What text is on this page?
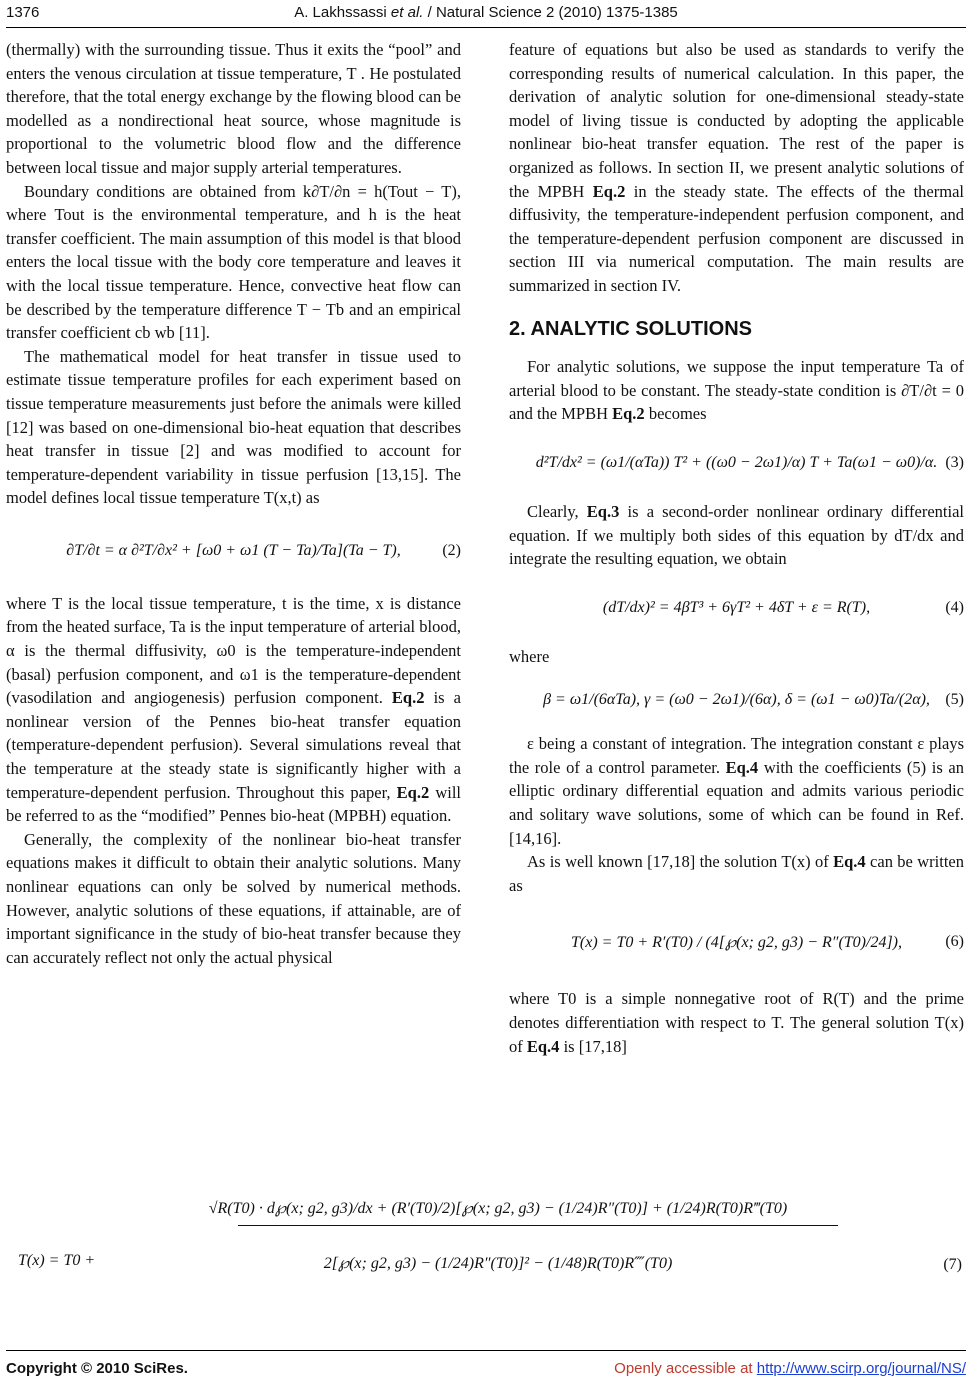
1376	A. Lakhssassi et al. / Natural Science 2 (2010) 1375-1385

(thermally) with the surrounding tissue. Thus it exits the “pool” and enters the venous circulation at tissue temperature, T . He postulated therefore, that the total energy exchange by the flowing blood can be modelled as a nondirectional heat source, whose magnitude is proportional to the volumetric blood flow and the difference between local tissue and major supply arterial temperatures.

Boundary conditions are obtained from k∂T/∂n = h(Tout − T), where Tout is the environmental temperature, and h is the heat transfer coefficient. The main assumption of this model is that blood enters the local tissue with the body core temperature and leaves it with the local tissue temperature. Hence, convective heat flow can be described by the temperature difference T − Tb and an empirical transfer coefficient cb wb [11].

The mathematical model for heat transfer in tissue used to estimate tissue temperature profiles for each experiment based on tissue temperature measurements just before the animals were killed [12] was based on one-dimensional bio-heat equation that describes heat transfer in tissue [2] and was modified to account for temperature-dependent variability in tissue perfusion [13,15]. The model defines local tissue temperature T(x,t) as

∂T/∂t = α ∂²T/∂x² + [ω0 + ω1 (T − Ta)/Ta](Ta − T),	(2)

where T is the local tissue temperature, t is the time, x is distance from the heated surface, Ta is the input temperature of arterial blood, α is the thermal diffusivity, ω0 is the temperature-independent (basal) perfusion component, and ω1 is the temperature-dependent (vasodilation and angiogenesis) perfusion component. Eq.2 is a nonlinear version of the Pennes bio-heat transfer equation (temperature-dependent perfusion). Several simulations reveal that the temperature at the steady state is significantly higher with a temperature-dependent perfusion. Throughout this paper, Eq.2 will be referred to as the “modified” Pennes bio-heat (MPBH) equation.

Generally, the complexity of the nonlinear bio-heat transfer equations makes it difficult to obtain their analytic solutions. Many nonlinear equations can only be solved by numerical methods. However, analytic solutions of these equations, if attainable, are of important significance in the study of bio-heat transfer because they can accurately reflect not only the actual physical

feature of equations but also be used as standards to verify the corresponding results of numerical calculation. In this paper, the derivation of analytic solution for one-dimensional steady-state model of living tissue is conducted by adopting the applicable nonlinear bio-heat transfer equation. The rest of the paper is organized as follows. In section II, we present analytic solutions of the MPBH Eq.2 in the steady state. The effects of the thermal diffusivity, the temperature-independent perfusion component, and the temperature-dependent perfusion component are discussed in section III via numerical computation. The main results are summarized in section IV.

2. ANALYTIC SOLUTIONS

For analytic solutions, we suppose the input temperature Ta of arterial blood to be constant. The steady-state condition is ∂T/∂t = 0 and the MPBH Eq.2 becomes

d²T/dx² = (ω1/(αTa)) T² + ((ω0 − 2ω1)/α) T + Ta(ω1 − ω0)/α. (3)

Clearly, Eq.3 is a second-order nonlinear ordinary differential equation. If we multiply both sides of this equation by dT/dx and integrate the resulting equation, we obtain

(dT/dx)² = 4βT³ + 6γT² + 4δT + ε = R(T),	(4)

where

β = ω1/(6αTa), γ = (ω0 − 2ω1)/(6α), δ = (ω1 − ω0)Ta/(2α), (5)

ε being a constant of integration. The integration constant ε plays the role of a control parameter. Eq.4 with the coefficients (5) is an elliptic ordinary differential equation and admits various periodic and solitary wave solutions, some of which can be found in Ref. [14,16].

As is well known [17,18] the solution T(x) of Eq.4 can be written as

T(x) = T0 + R′(T0) / (4[℘(x; g2, g3) − R″(T0)/24]),	(6)

where T0 is a simple nonnegative root of R(T) and the prime denotes differentiation with respect to T. The general solution T(x) of Eq.4 is [17,18]

√R(T0) · d℘(x; g2, g3)/dx + (R′(T0)/2)[℘(x; g2, g3) − (1/24)R″(T0)] + (1/24)R(T0)R‴(T0)
T(x) = T0 +	2[℘(x; g2, g3) − (1/24)R″(T0)]² − (1/48)R(T0)R⁗(T0)	(7)
Copyright © 2010 SciRes.	Openly accessible at http://www.scirp.org/journal/NS/
